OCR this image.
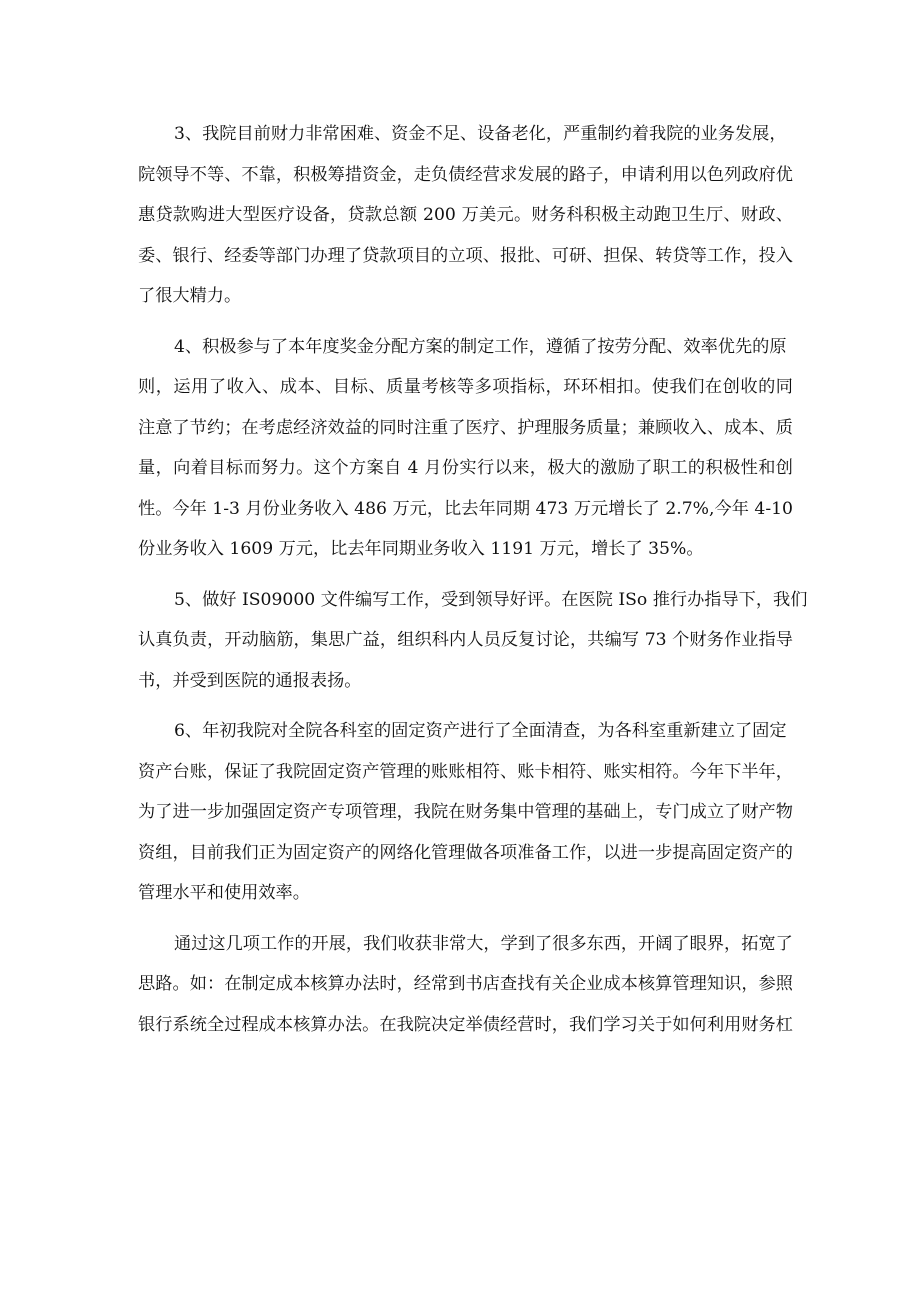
3、我院目前财力非常困难、资金不足、设备老化，严重制约着我院的业务发展，
院领导不等、不靠，积极筹措资金，走负债经营求发展的路子，申请利用以色列政府优
惠贷款购进大型医疗设备，贷款总额 200 万美元。财务科积极主动跑卫生厅、财政、
委、银行、经委等部门办理了贷款项目的立项、报批、可研、担保、转贷等工作，投入
了很大精力。
4、积极参与了本年度奖金分配方案的制定工作，遵循了按劳分配、效率优先的原
则，运用了收入、成本、目标、质量考核等多项指标，环环相扣。使我们在创收的同
注意了节约；在考虑经济效益的同时注重了医疗、护理服务质量；兼顾收入、成本、质
量，向着目标而努力。这个方案自 4 月份实行以来，极大的激励了职工的积极性和创
性。今年 1-3 月份业务收入 486 万元，比去年同期 473 万元增长了 2.7%,今年 4-10
份业务收入 1609 万元，比去年同期业务收入 1191 万元，增长了 35%。
5、做好 IS09000 文件编写工作，受到领导好评。在医院 ISo 推行办指导下，我们
认真负责，开动脑筋，集思广益，组织科内人员反复讨论，共编写 73 个财务作业指导
书，并受到医院的通报表扬。
6、年初我院对全院各科室的固定资产进行了全面清查，为各科室重新建立了固定
资产台账，保证了我院固定资产管理的账账相符、账卡相符、账实相符。今年下半年，
为了进一步加强固定资产专项管理，我院在财务集中管理的基础上，专门成立了财产物
资组，目前我们正为固定资产的网络化管理做各项准备工作，以进一步提高固定资产的
管理水平和使用效率。
通过这几项工作的开展，我们收获非常大，学到了很多东西，开阔了眼界，拓宽了
思路。如：在制定成本核算办法时，经常到书店查找有关企业成本核算管理知识，参照
银行系统全过程成本核算办法。在我院决定举债经营时，我们学习关于如何利用财务杠
